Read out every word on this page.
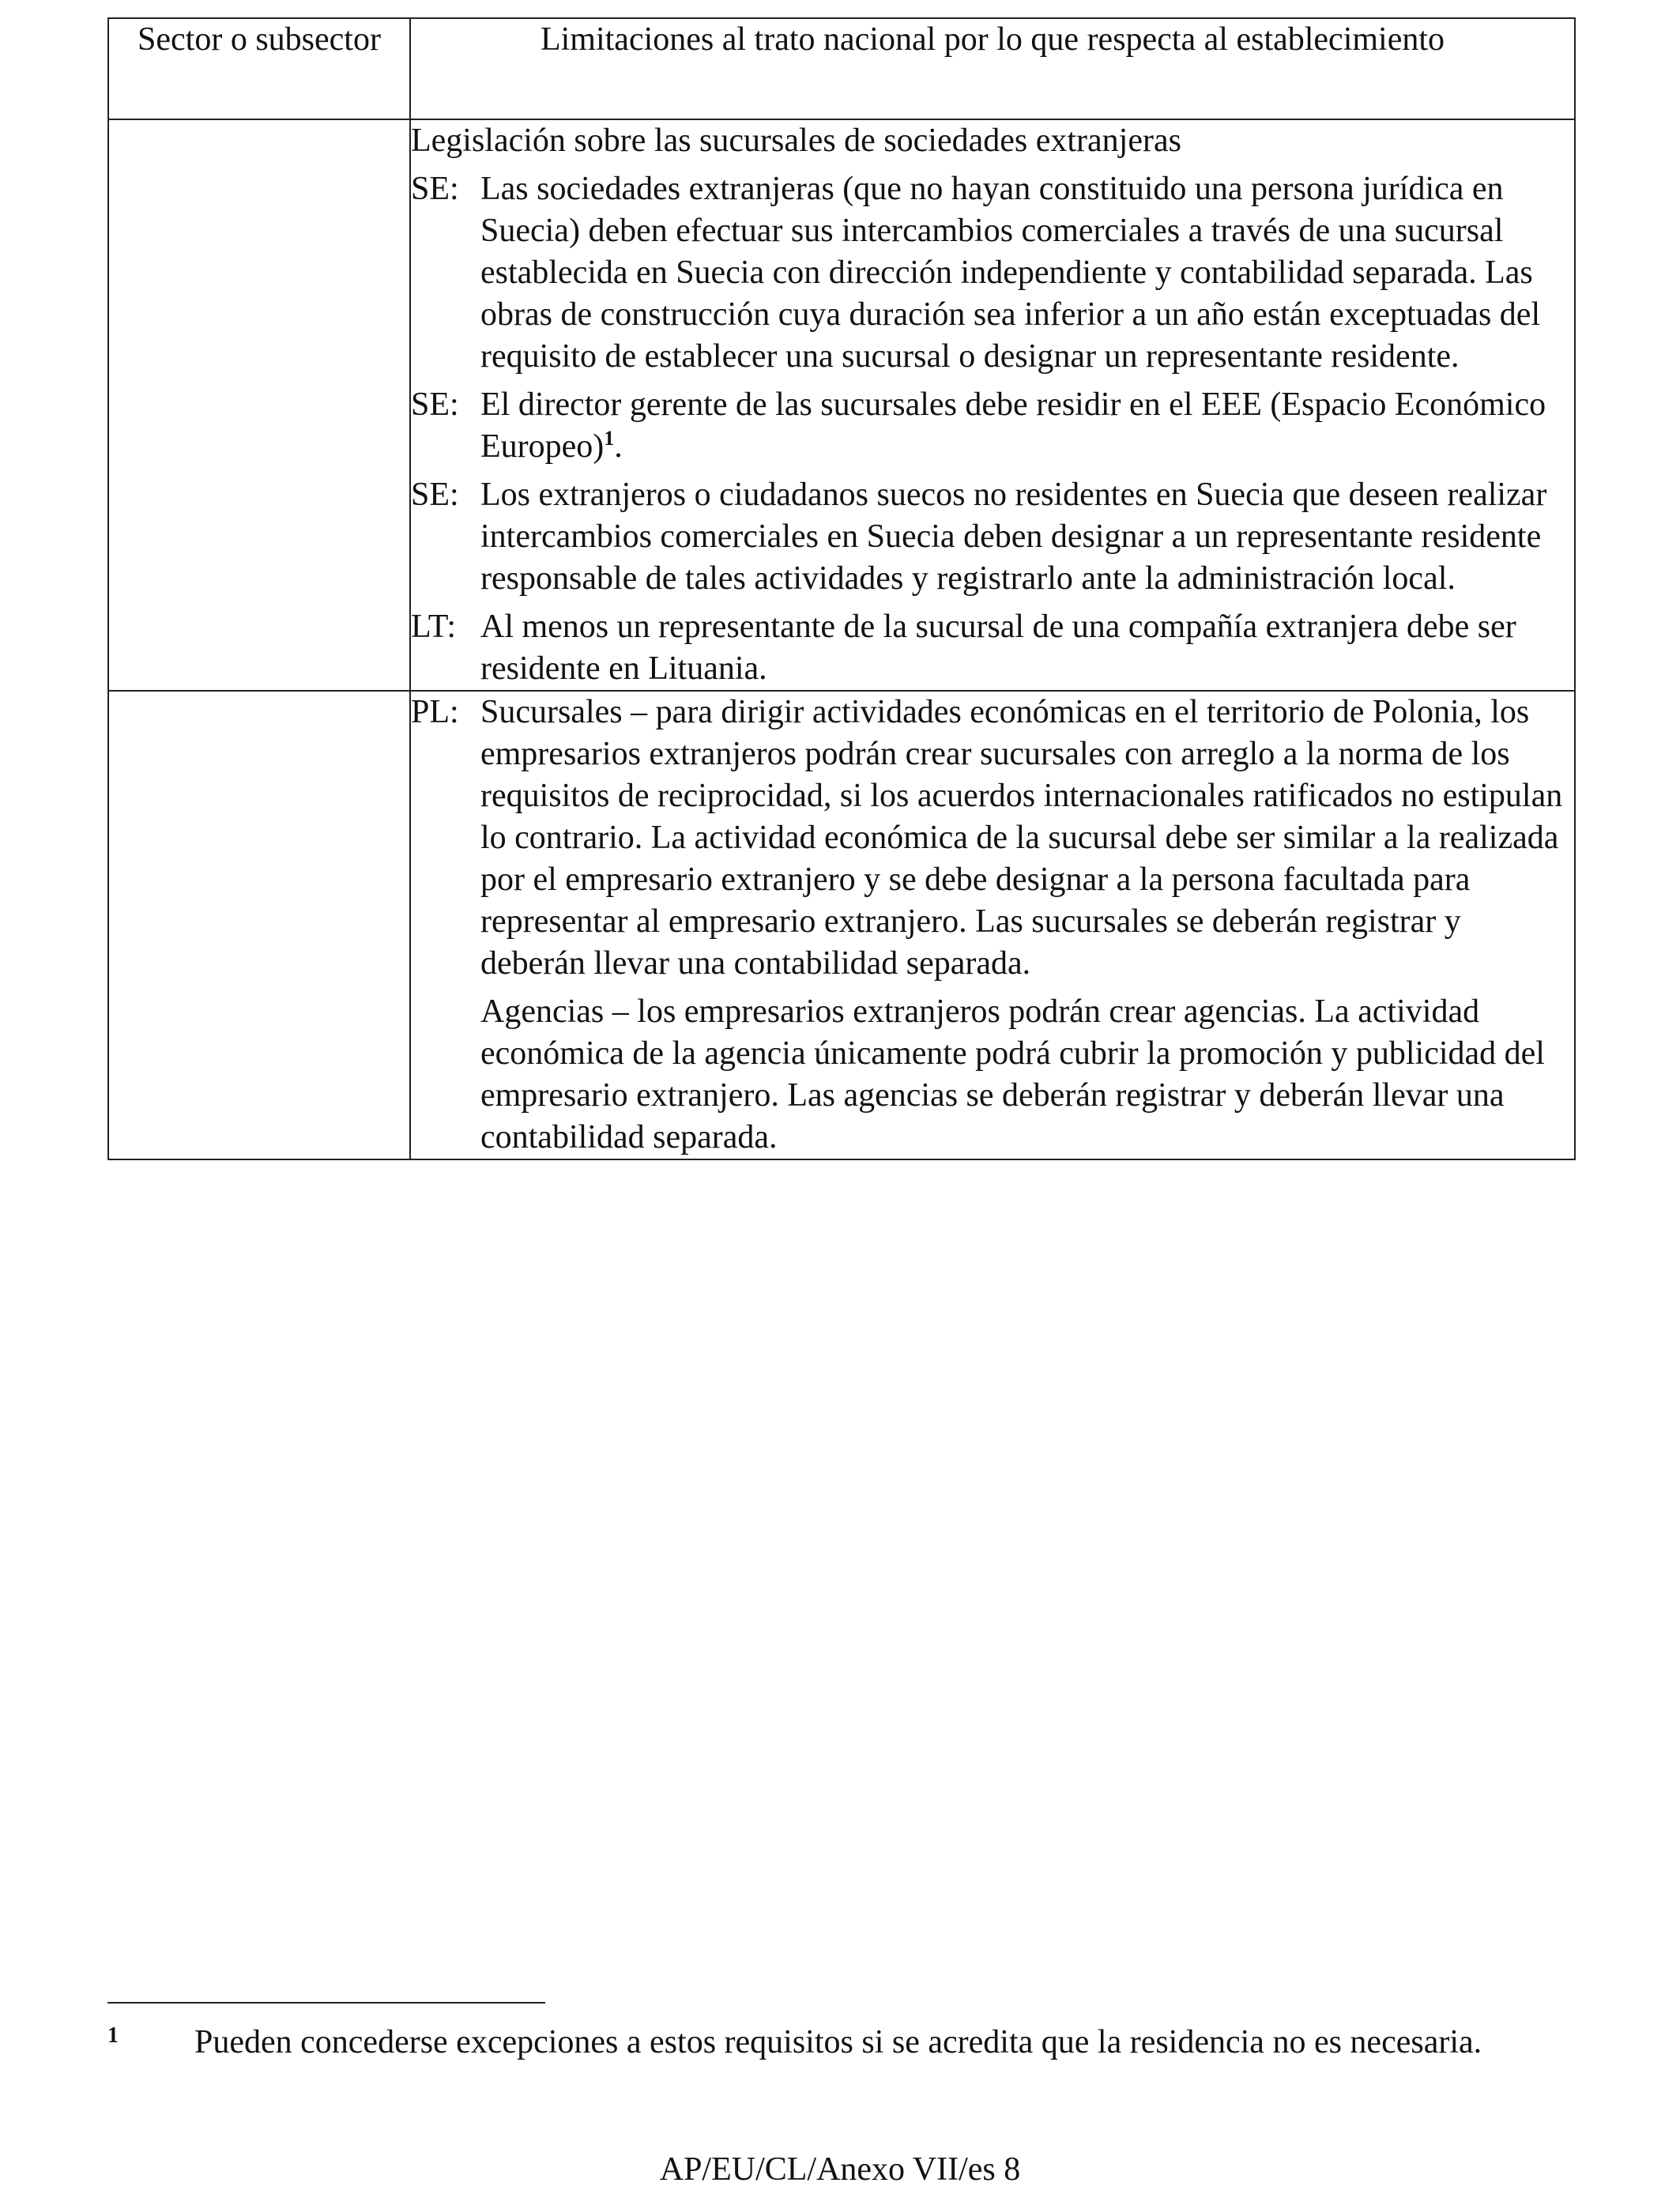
Sector o subsector	Limitaciones al trato nacional por lo que respecta al establecimiento

	Legislación sobre las sucursales de sociedades extranjeras
SE: Las sociedades extranjeras (que no hayan constituido una persona jurídica en Suecia) deben efectuar sus intercambios comerciales a través de una sucursal establecida en Suecia con dirección independiente y contabilidad separada. Las obras de construcción cuya duración sea inferior a un año están exceptuadas del requisito de establecer una sucursal o designar un representante residente.
SE: El director gerente de las sucursales debe residir en el EEE (Espacio Económico Europeo)$^1$.
SE: Los extranjeros o ciudadanos suecos no residentes en Suecia que deseen realizar intercambios comerciales en Suecia deben designar a un representante residente responsable de tales actividades y registrarlo ante la administración local.
LT: Al menos un representante de la sucursal de una compañía extranjera debe ser residente en Lituania.

	PL: Sucursales – para dirigir actividades económicas en el territorio de Polonia, los empresarios extranjeros podrán crear sucursales con arreglo a la norma de los requisitos de reciprocidad, si los acuerdos internacionales ratificados no estipulan lo contrario. La actividad económica de la sucursal debe ser similar a la realizada por el empresario extranjero y se debe designar a la persona facultada para representar al empresario extranjero. Las sucursales se deberán registrar y deberán llevar una contabilidad separada.
Agencias – los empresarios extranjeros podrán crear agencias. La actividad económica de la agencia únicamente podrá cubrir la promoción y publicidad del empresario extranjero. Las agencias se deberán registrar y deberán llevar una contabilidad separada.
1 Pueden concederse excepciones a estos requisitos si se acredita que la residencia no es necesaria.
AP/EU/CL/Anexo VII/es 8
